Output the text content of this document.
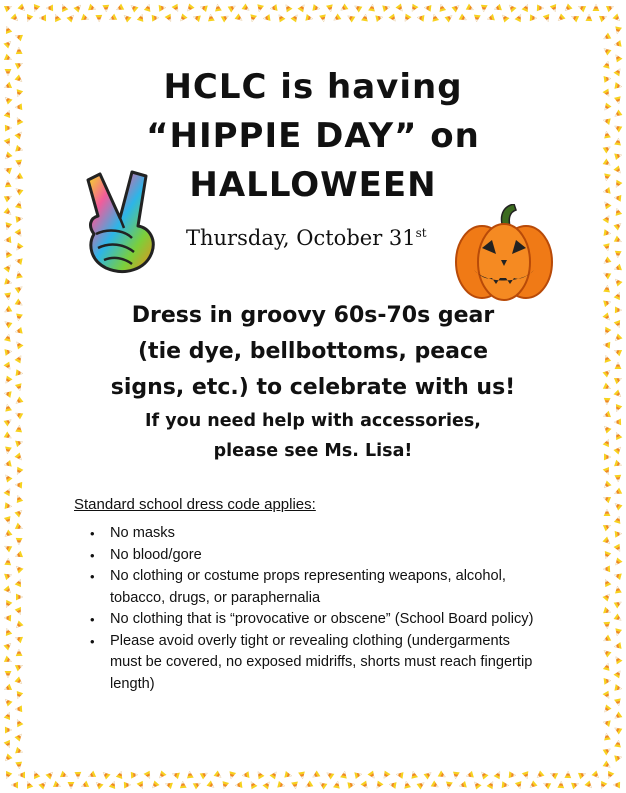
HCLC is having
“HIPPIE DAY” on
HALLOWEEN
Thursday, October 31st
Dress in groovy 60s-70s gear
(tie dye, bellbottoms, peace
signs, etc.) to celebrate with us!
If you need help with accessories,
please see Ms. Lisa!
Standard school dress code applies:
• No masks
• No blood/gore
• No clothing or costume props representing weapons, alcohol, tobacco, drugs, or paraphernalia
• No clothing that is “provocative or obscene” (School Board policy)
• Please avoid overly tight or revealing clothing (undergarments must be covered, no exposed midriffs, shorts must reach fingertip length)
